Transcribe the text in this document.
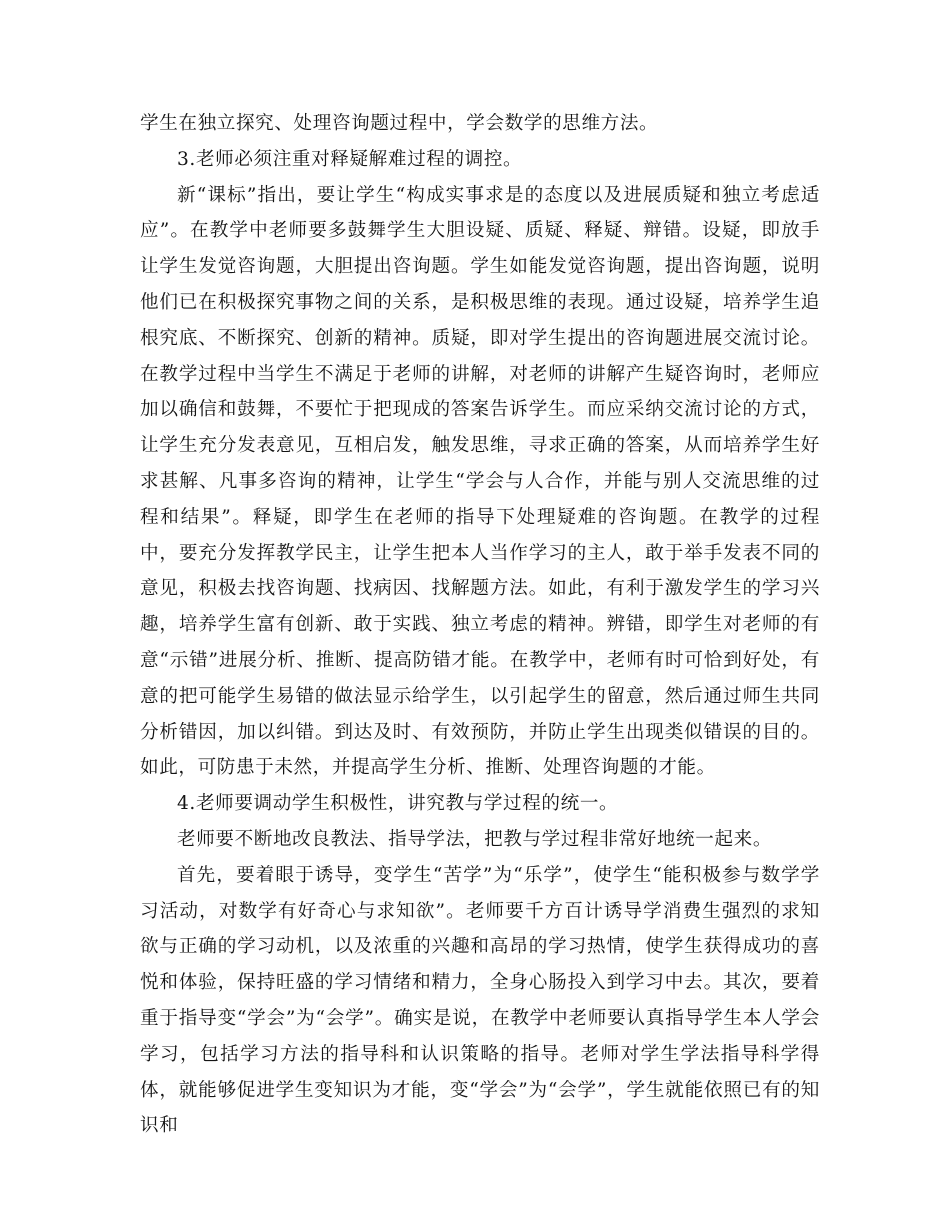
学生在独立探究、处理咨询题过程中，学会数学的思维方法。

3.老师必须注重对释疑解难过程的调控。

新“课标”指出，要让学生“构成实事求是的态度以及进展质疑和独立考虑适应”。在教学中老师要多鼓舞学生大胆设疑、质疑、释疑、辩错。设疑，即放手让学生发觉咨询题，大胆提出咨询题。学生如能发觉咨询题，提出咨询题，说明他们已在积极探究事物之间的关系，是积极思维的表现。通过设疑，培养学生追根究底、不断探究、创新的精神。质疑，即对学生提出的咨询题进展交流讨论。在教学过程中当学生不满足于老师的讲解，对老师的讲解产生疑咨询时，老师应加以确信和鼓舞，不要忙于把现成的答案告诉学生。而应采纳交流讨论的方式，让学生充分发表意见，互相启发，触发思维，寻求正确的答案，从而培养学生好求甚解、凡事多咨询的精神，让学生“学会与人合作，并能与别人交流思维的过程和结果”。释疑，即学生在老师的指导下处理疑难的咨询题。在教学的过程中，要充分发挥教学民主，让学生把本人当作学习的主人，敢于举手发表不同的意见，积极去找咨询题、找病因、找解题方法。如此，有利于激发学生的学习兴趣，培养学生富有创新、敢于实践、独立考虑的精神。辨错，即学生对老师的有意“示错”进展分析、推断、提高防错才能。在教学中，老师有时可恰到好处，有意的把可能学生易错的做法显示给学生，以引起学生的留意，然后通过师生共同分析错因，加以纠错。到达及时、有效预防，并防止学生出现类似错误的目的。如此，可防患于未然，并提高学生分析、推断、处理咨询题的才能。

4.老师要调动学生积极性，讲究教与学过程的统一。

老师要不断地改良教法、指导学法，把教与学过程非常好地统一起来。

首先，要着眼于诱导，变学生“苦学”为“乐学”，使学生“能积极参与数学学习活动，对数学有好奇心与求知欲”。老师要千方百计诱导学消费生强烈的求知欲与正确的学习动机，以及浓重的兴趣和高昂的学习热情，使学生获得成功的喜悦和体验，保持旺盛的学习情绪和精力，全身心肠投入到学习中去。其次，要着重于指导变“学会”为“会学”。确实是说，在教学中老师要认真指导学生本人学会学习，包括学习方法的指导科和认识策略的指导。老师对学生学法指导科学得体，就能够促进学生变知识为才能，变“学会”为“会学”，学生就能依照已有的知识和
